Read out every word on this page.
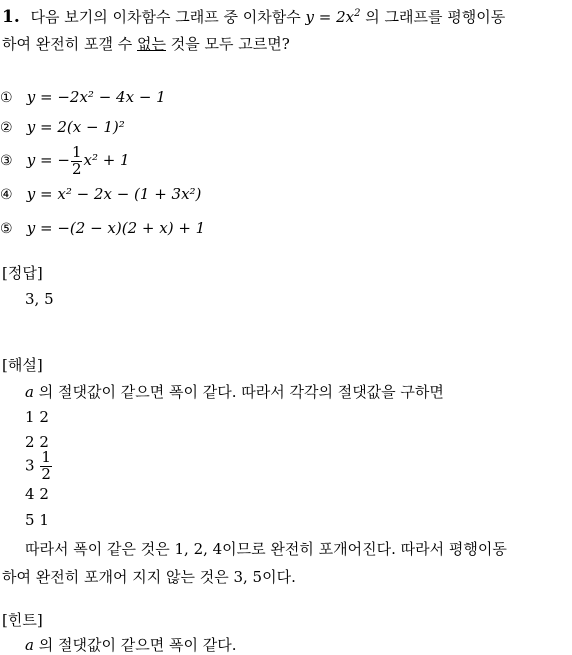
1. 다음 보기의 이차함수 그래프 중 이차함수 $y = 2x^2$ 의 그래프를 평행이동
하여 완전히 포갤 수 없는 것을 모두 고르면?
① y = −2x² − 4x − 1
② y = 2(x − 1)²
③ y = − $\frac{1}{2} x^2 + 1$
④ y = x² − 2x − (1 + 3x²)
⑤ y = −(2 − x)(2 + x) + 1
[정답]
3, 5
[해설]
a 의 절댓값이 같으면 폭이 같다. 따라서 각각의 절댓값을 구하면
1 2
2 2
$3 \frac{1}{2}$
4 2
5 1
따라서 폭이 같은 것은 1, 2, 4이므로 완전히 포개어진다. 따라서 평행이동
하여 완전히 포개어 지지 않는 것은 3, 5이다.
[힌트]
a 의 절댓값이 같으면 폭이 같다.
